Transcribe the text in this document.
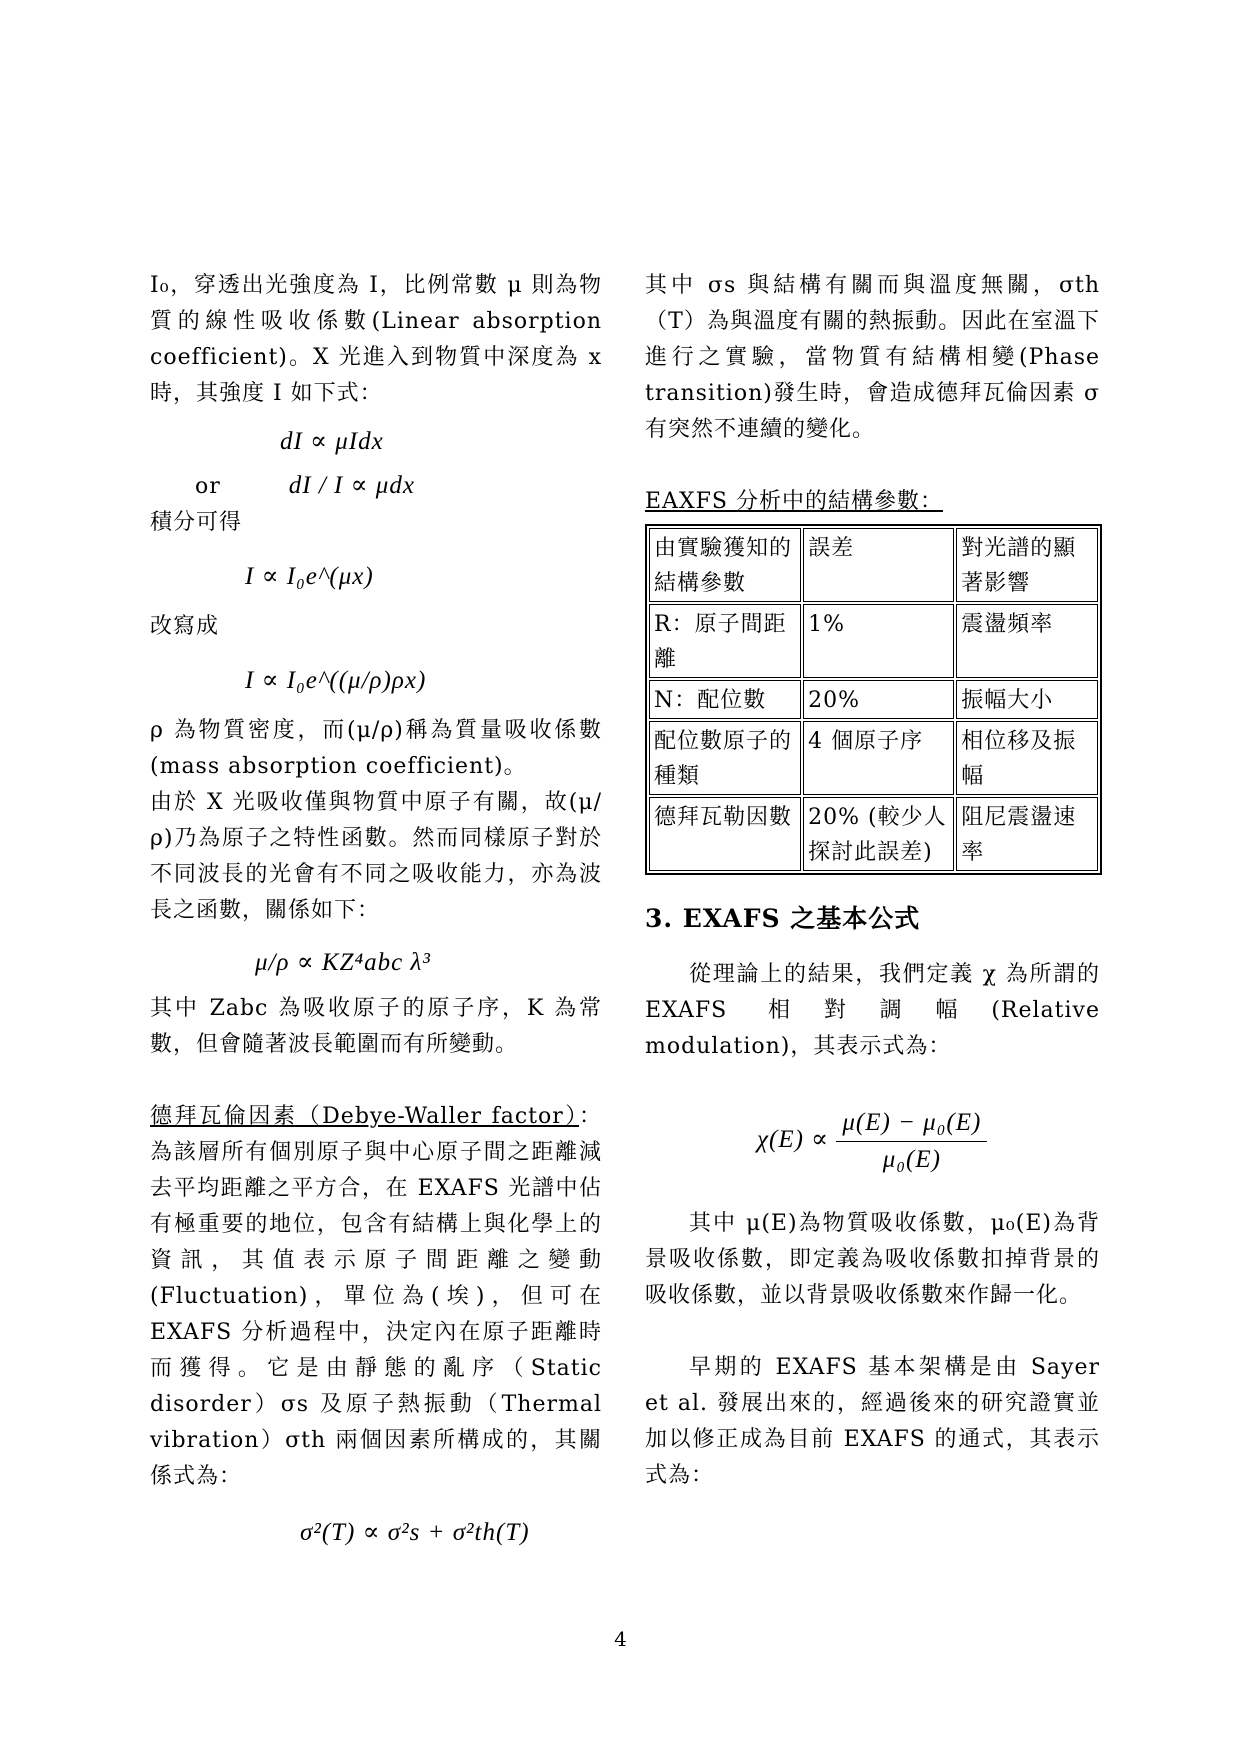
I₀，穿透出光強度為 I，比例常數 μ 則為物質的線性吸收係數(Linear absorption coefficient)。X 光進入到物質中深度為 x 時，其強度 I 如下式：

dI ∝ μIdx
or	dI / I ∝ μdx

積分可得

I ∝ I₀e^(μx)

改寫成

I ∝ I₀e^((μ/ρ)ρx)

ρ 為物質密度，而(μ/ρ)稱為質量吸收係數(mass absorption coefficient)。

由於 X 光吸收僅與物質中原子有關，故(μ/ρ)乃為原子之特性函數。然而同樣原子對於不同波長的光會有不同之吸收能力，亦為波長之函數，關係如下：

μ/ρ ∝ KZ⁴abc λ³

其中 Zabc 為吸收原子的原子序，K 為常數，但會隨著波長範圍而有所變動。

德拜瓦倫因素（Debye-Waller factor）：為該層所有個別原子與中心原子間之距離減去平均距離之平方合，在 EXAFS 光譜中佔有極重要的地位，包含有結構上與化學上的資訊，其值表示原子間距離之變動(Fluctuation)，單位為(埃)，但可在 EXAFS 分析過程中，決定內在原子距離時而獲得。它是由靜態的亂序（Static disorder）σs 及原子熱振動（Thermal vibration）σth 兩個因素所構成的，其關係式為：

σ²(T) ∝ σ²s + σ²th(T)

其中 σs 與結構有關而與溫度無關，σth（T）為與溫度有關的熱振動。因此在室溫下進行之實驗，當物質有結構相變(Phase transition)發生時，會造成德拜瓦倫因素 σ 有突然不連續的變化。

EAXFS 分析中的結構參數：
由實驗獲知的結構參數	誤差	對光譜的顯著影響
R：原子間距離	1%	震盪頻率
N：配位數	20%	振幅大小
配位數原子的種類	4 個原子序	相位移及振幅
德拜瓦勒因數	20% (較少人探討此誤差)	阻尼震盪速率
3. EXAFS 之基本公式

從理論上的結果，我們定義 χ 為所謂的 EXAFS 相對調幅(Relative modulation)，其表示式為：

$\chi(E) \propto \frac{\text{μ(E) − μ₀(E)}}{\text{μ₀(E)}}$

其中 μ(E)為物質吸收係數，μ₀(E)為背景吸收係數，即定義為吸收係數扣掉背景的吸收係數，並以背景吸收係數來作歸一化。

早期的 EXAFS 基本架構是由 Sayer et al. 發展出來的，經過後來的研究證實並加以修正成為目前 EXAFS 的通式，其表示式為：

4
